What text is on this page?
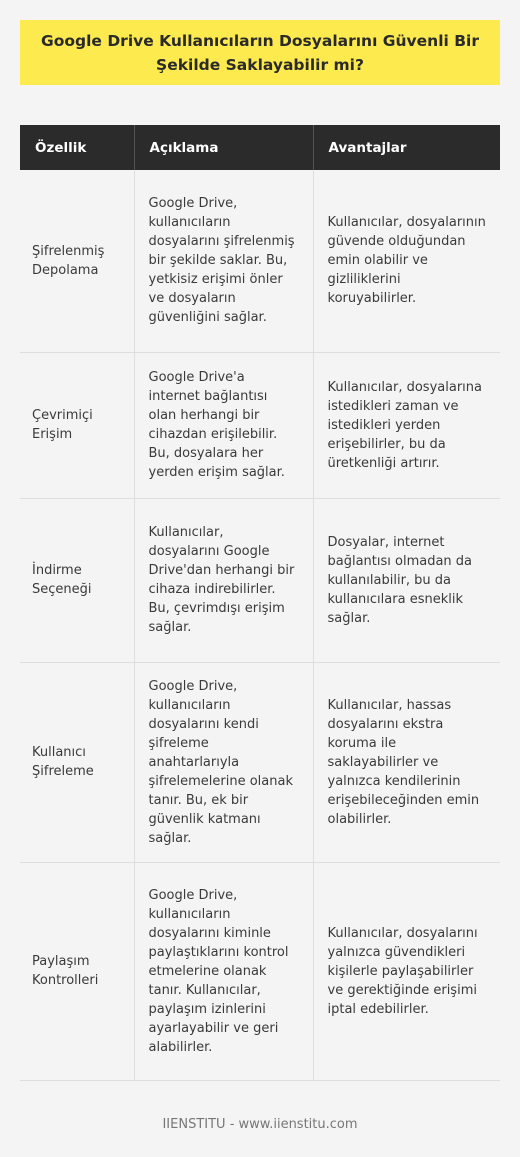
Google Drive Kullanıcıların Dosyalarını Güvenli Bir Şekilde Saklayabilir mi?
Özellik	Açıklama	Avantajlar
Şifrelenmiş Depolama	Google Drive, kullanıcıların dosyalarını şifrelenmiş bir şekilde saklar. Bu, yetkisiz erişimi önler ve dosyaların güvenliğini sağlar.	Kullanıcılar, dosyalarının güvende olduğundan emin olabilir ve gizliliklerini koruyabilirler.
Çevrimiçi Erişim	Google Drive'a internet bağlantısı olan herhangi bir cihazdan erişilebilir. Bu, dosyalara her yerden erişim sağlar.	Kullanıcılar, dosyalarına istedikleri zaman ve istedikleri yerden erişebilirler, bu da üretkenliği artırır.
İndirme Seçeneği	Kullanıcılar, dosyalarını Google Drive'dan herhangi bir cihaza indirebilirler. Bu, çevrimdışı erişim sağlar.	Dosyalar, internet bağlantısı olmadan da kullanılabilir, bu da kullanıcılara esneklik sağlar.
Kullanıcı Şifreleme	Google Drive, kullanıcıların dosyalarını kendi şifreleme anahtarlarıyla şifrelemelerine olanak tanır. Bu, ek bir güvenlik katmanı sağlar.	Kullanıcılar, hassas dosyalarını ekstra koruma ile saklayabilirler ve yalnızca kendilerinin erişebileceğinden emin olabilirler.
Paylaşım Kontrolleri	Google Drive, kullanıcıların dosyalarını kiminle paylaştıklarını kontrol etmelerine olanak tanır. Kullanıcılar, paylaşım izinlerini ayarlayabilir ve geri alabilirler.	Kullanıcılar, dosyalarını yalnızca güvendikleri kişilerle paylaşabilirler ve gerektiğinde erişimi iptal edebilirler.
IIENSTITU - www.iienstitu.com
